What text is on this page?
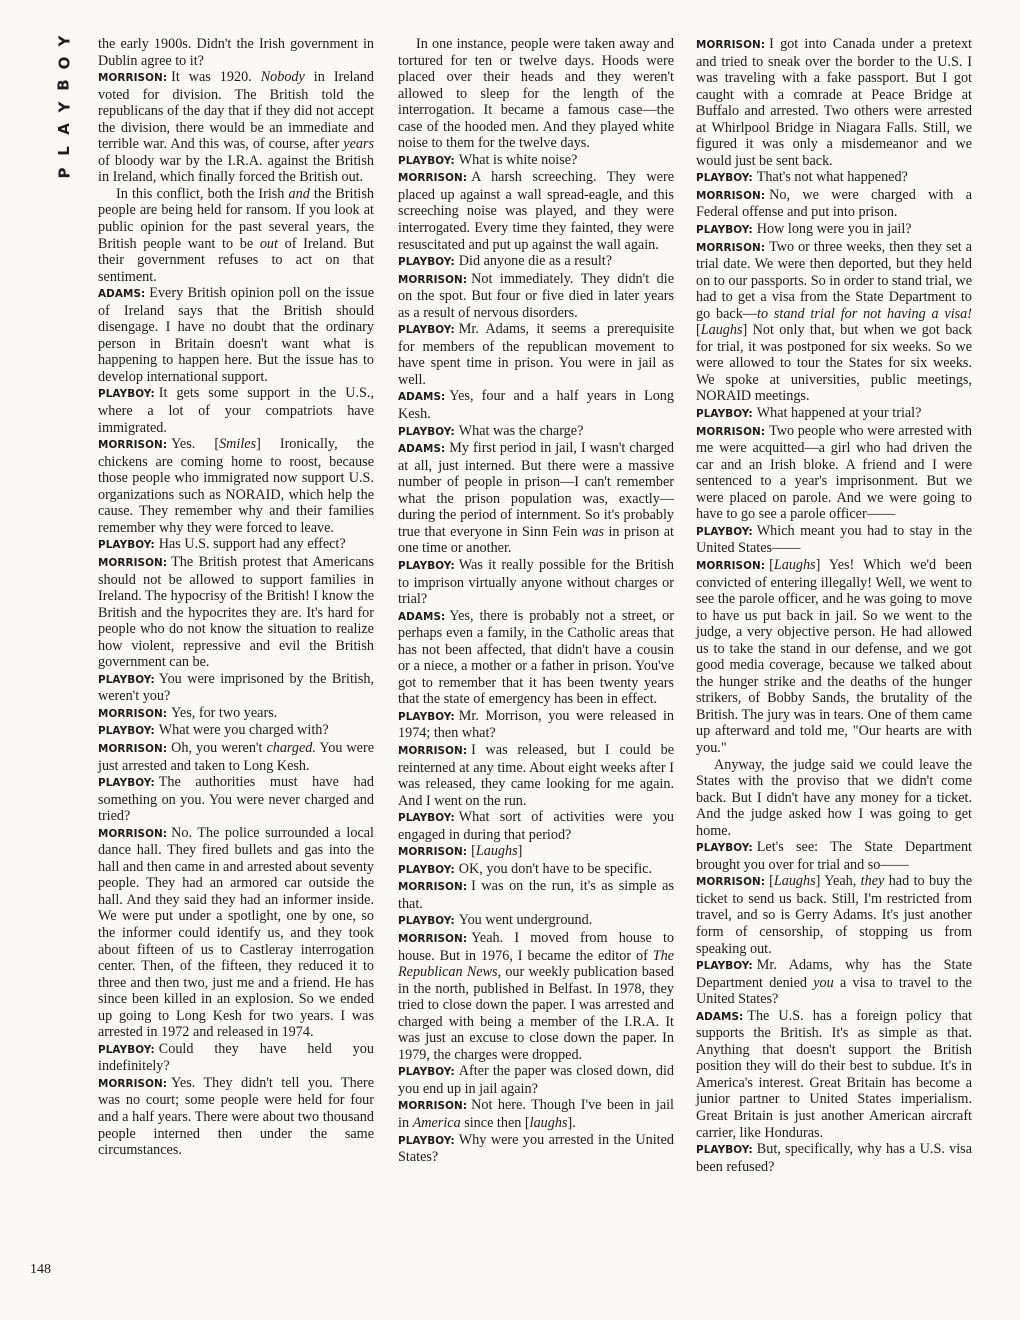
Y
O
B
Y
A
L
P
148

the early 1900s. Didn't the Irish government in Dublin agree to it?

MORRISON: It was 1920. Nobody in Ireland voted for division. The British told the republicans of the day that if they did not accept the division, there would be an immediate and terrible war. And this was, of course, after years of bloody war by the I.R.A. against the British in Ireland, which finally forced the British out.

In this conflict, both the Irish and the British people are being held for ransom. If you look at public opinion for the past several years, the British people want to be out of Ireland. But their government refuses to act on that sentiment.

ADAMS: Every British opinion poll on the issue of Ireland says that the British should disengage. I have no doubt that the ordinary person in Britain doesn't want what is happening to happen here. But the issue has to develop international support.

PLAYBOY: It gets some support in the U.S., where a lot of your compatriots have immigrated.

MORRISON: Yes. [Smiles] Ironically, the chickens are coming home to roost, because those people who immigrated now support U.S. organizations such as NORAID, which help the cause. They remember why and their families remember why they were forced to leave.

PLAYBOY: Has U.S. support had any effect?

MORRISON: The British protest that Americans should not be allowed to support families in Ireland. The hypocrisy of the British! I know the British and the hypocrites they are. It's hard for people who do not know the situation to realize how violent, repressive and evil the British government can be.

PLAYBOY: You were imprisoned by the British, weren't you?

MORRISON: Yes, for two years.

PLAYBOY: What were you charged with?

MORRISON: Oh, you weren't charged. You were just arrested and taken to Long Kesh.

PLAYBOY: The authorities must have had something on you. You were never charged and tried?

MORRISON: No. The police surrounded a local dance hall. They fired bullets and gas into the hall and then came in and arrested about seventy people. They had an armored car outside the hall. And they said they had an informer inside. We were put under a spotlight, one by one, so the informer could identify us, and they took about fifteen of us to Castleray interrogation center. Then, of the fifteen, they reduced it to three and then two, just me and a friend. He has since been killed in an explosion. So we ended up going to Long Kesh for two years. I was arrested in 1972 and released in 1974.

PLAYBOY: Could they have held you indefinitely?

MORRISON: Yes. They didn't tell you. There was no court; some people were held for four and a half years. There were about two thousand people interned then under the same circumstances.

In one instance, people were taken away and tortured for ten or twelve days. Hoods were placed over their heads and they weren't allowed to sleep for the length of the interrogation. It became a famous case—the case of the hooded men. And they played white noise to them for the twelve days.

PLAYBOY: What is white noise?

MORRISON: A harsh screeching. They were placed up against a wall spread-eagle, and this screeching noise was played, and they were interrogated. Every time they fainted, they were resuscitated and put up against the wall again.

PLAYBOY: Did anyone die as a result?

MORRISON: Not immediately. They didn't die on the spot. But four or five died in later years as a result of nervous disorders.

PLAYBOY: Mr. Adams, it seems a prerequisite for members of the republican movement to have spent time in prison. You were in jail as well.

ADAMS: Yes, four and a half years in Long Kesh.

PLAYBOY: What was the charge?

ADAMS: My first period in jail, I wasn't charged at all, just interned. But there were a massive number of people in prison—I can't remember what the prison population was, exactly—during the period of internment. So it's probably true that everyone in Sinn Fein was in prison at one time or another.

PLAYBOY: Was it really possible for the British to imprison virtually anyone without charges or trial?

ADAMS: Yes, there is probably not a street, or perhaps even a family, in the Catholic areas that has not been affected, that didn't have a cousin or a niece, a mother or a father in prison. You've got to remember that it has been twenty years that the state of emergency has been in effect.

PLAYBOY: Mr. Morrison, you were released in 1974; then what?

MORRISON: I was released, but I could be reinterned at any time. About eight weeks after I was released, they came looking for me again. And I went on the run.

PLAYBOY: What sort of activities were you engaged in during that period?

MORRISON: [Laughs]

PLAYBOY: OK, you don't have to be specific.

MORRISON: I was on the run, it's as simple as that.

PLAYBOY: You went underground.

MORRISON: Yeah. I moved from house to house. But in 1976, I became the editor of The Republican News, our weekly publication based in the north, published in Belfast. In 1978, they tried to close down the paper. I was arrested and charged with being a member of the I.R.A. It was just an excuse to close down the paper. In 1979, the charges were dropped.

PLAYBOY: After the paper was closed down, did you end up in jail again?

MORRISON: Not here. Though I've been in jail in America since then [laughs].

PLAYBOY: Why were you arrested in the United States?

MORRISON: I got into Canada under a pretext and tried to sneak over the border to the U.S. I was traveling with a fake passport. But I got caught with a comrade at Peace Bridge at Buffalo and arrested. Two others were arrested at Whirlpool Bridge in Niagara Falls. Still, we figured it was only a misdemeanor and we would just be sent back.

PLAYBOY: That's not what happened?

MORRISON: No, we were charged with a Federal offense and put into prison.

PLAYBOY: How long were you in jail?

MORRISON: Two or three weeks, then they set a trial date. We were then deported, but they held on to our passports. So in order to stand trial, we had to get a visa from the State Department to go back—to stand trial for not having a visa! [Laughs] Not only that, but when we got back for trial, it was postponed for six weeks. So we were allowed to tour the States for six weeks. We spoke at universities, public meetings, NORAID meetings.

PLAYBOY: What happened at your trial?

MORRISON: Two people who were arrested with me were acquitted—a girl who had driven the car and an Irish bloke. A friend and I were sentenced to a year's imprisonment. But we were placed on parole. And we were going to have to go see a parole officer——

PLAYBOY: Which meant you had to stay in the United States——

MORRISON: [Laughs] Yes! Which we'd been convicted of entering illegally! Well, we went to see the parole officer, and he was going to move to have us put back in jail. So we went to the judge, a very objective person. He had allowed us to take the stand in our defense, and we got good media coverage, because we talked about the hunger strike and the deaths of the hunger strikers, of Bobby Sands, the brutality of the British. The jury was in tears. One of them came up afterward and told me, "Our hearts are with you."

Anyway, the judge said we could leave the States with the proviso that we didn't come back. But I didn't have any money for a ticket. And the judge asked how I was going to get home.

PLAYBOY: Let's see: The State Department brought you over for trial and so——

MORRISON: [Laughs] Yeah, they had to buy the ticket to send us back. Still, I'm restricted from travel, and so is Gerry Adams. It's just another form of censorship, of stopping us from speaking out.

PLAYBOY: Mr. Adams, why has the State Department denied you a visa to travel to the United States?

ADAMS: The U.S. has a foreign policy that supports the British. It's as simple as that. Anything that doesn't support the British position they will do their best to subdue. It's in America's interest. Great Britain has become a junior partner to United States imperialism. Great Britain is just another American aircraft carrier, like Honduras.

PLAYBOY: But, specifically, why has a U.S. visa been refused?
